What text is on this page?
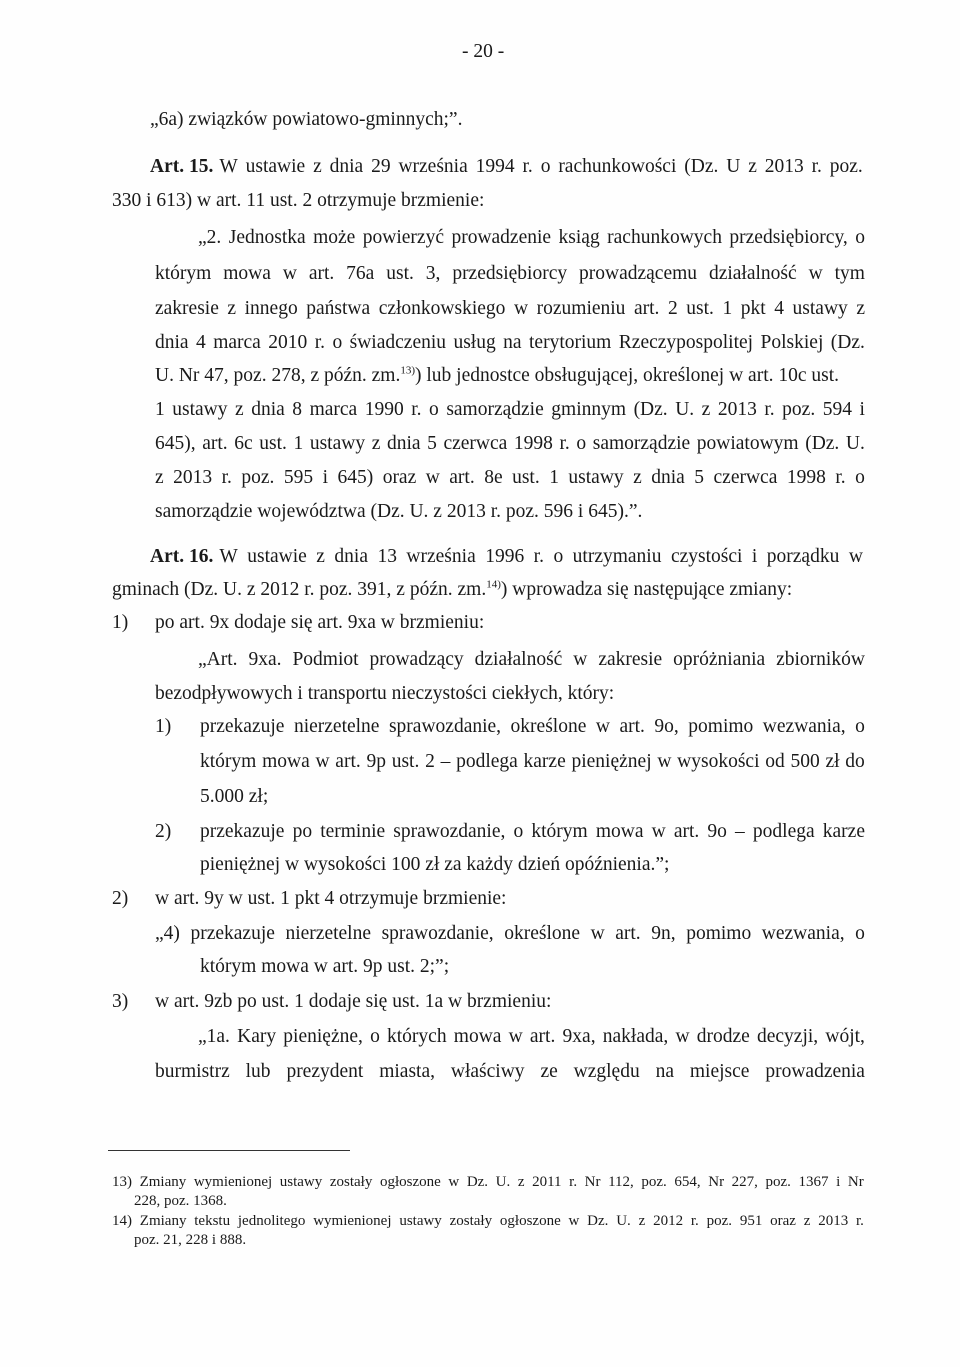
- 20 -
„6a) związków powiatowo-gminnych;”.
Art. 15. W ustawie z dnia 29 września 1994 r. o rachunkowości (Dz. U z 2013 r. poz.
330 i 613) w art. 11 ust. 2 otrzymuje brzmienie:
„2. Jednostka może powierzyć prowadzenie ksiąg rachunkowych przedsiębiorcy, o
którym mowa w art. 76a ust. 3, przedsiębiorcy prowadzącemu działalność w tym
zakresie z innego państwa członkowskiego w rozumieniu art. 2 ust. 1 pkt 4 ustawy z
dnia 4 marca 2010 r. o świadczeniu usług na terytorium Rzeczypospolitej Polskiej (Dz.
U. Nr 47, poz. 278, z późn. zm.$^{13)}$) lub jednostce obsługującej, określonej w art. 10c ust.
1 ustawy z dnia 8 marca 1990 r. o samorządzie gminnym (Dz. U. z 2013 r. poz. 594 i
645), art. 6c ust. 1 ustawy z dnia 5 czerwca 1998 r. o samorządzie powiatowym (Dz. U.
z 2013 r. poz. 595 i 645) oraz w art. 8e ust. 1 ustawy z dnia 5 czerwca 1998 r. o
samorządzie województwa (Dz. U. z 2013 r. poz. 596 i 645).”.
Art. 16. W ustawie z dnia 13 września 1996 r. o utrzymaniu czystości i porządku w
gminach (Dz. U. z 2012 r. poz. 391, z późn. zm.$^{14)}$) wprowadza się następujące zmiany:
1) po art. 9x dodaje się art. 9xa w brzmieniu:
„Art. 9xa. Podmiot prowadzący działalność w zakresie opróżniania zbiorników
bezodpływowych i transportu nieczystości ciekłych, który:
1) przekazuje nierzetelne sprawozdanie, określone w art. 9o, pomimo wezwania, o
którym mowa w art. 9p ust. 2 – podlega karze pieniężnej w wysokości od 500 zł do
5.000 zł;
2) przekazuje po terminie sprawozdanie, o którym mowa w art. 9o – podlega karze
pieniężnej w wysokości 100 zł za każdy dzień opóźnienia.”;
2) w art. 9y w ust. 1 pkt 4 otrzymuje brzmienie:
„4) przekazuje nierzetelne sprawozdanie, określone w art. 9n, pomimo wezwania, o
którym mowa w art. 9p ust. 2;”;
3) w art. 9zb po ust. 1 dodaje się ust. 1a w brzmieniu:
„1a. Kary pieniężne, o których mowa w art. 9xa, nakłada, w drodze decyzji, wójt,
burmistrz lub prezydent miasta, właściwy ze względu na miejsce prowadzenia
13) Zmiany wymienionej ustawy zostały ogłoszone w Dz. U. z 2011 r. Nr 112, poz. 654, Nr 227, poz. 1367 i Nr
228, poz. 1368.
14) Zmiany tekstu jednolitego wymienionej ustawy zostały ogłoszone w Dz. U. z 2012 r. poz. 951 oraz z 2013 r.
poz. 21, 228 i 888.
